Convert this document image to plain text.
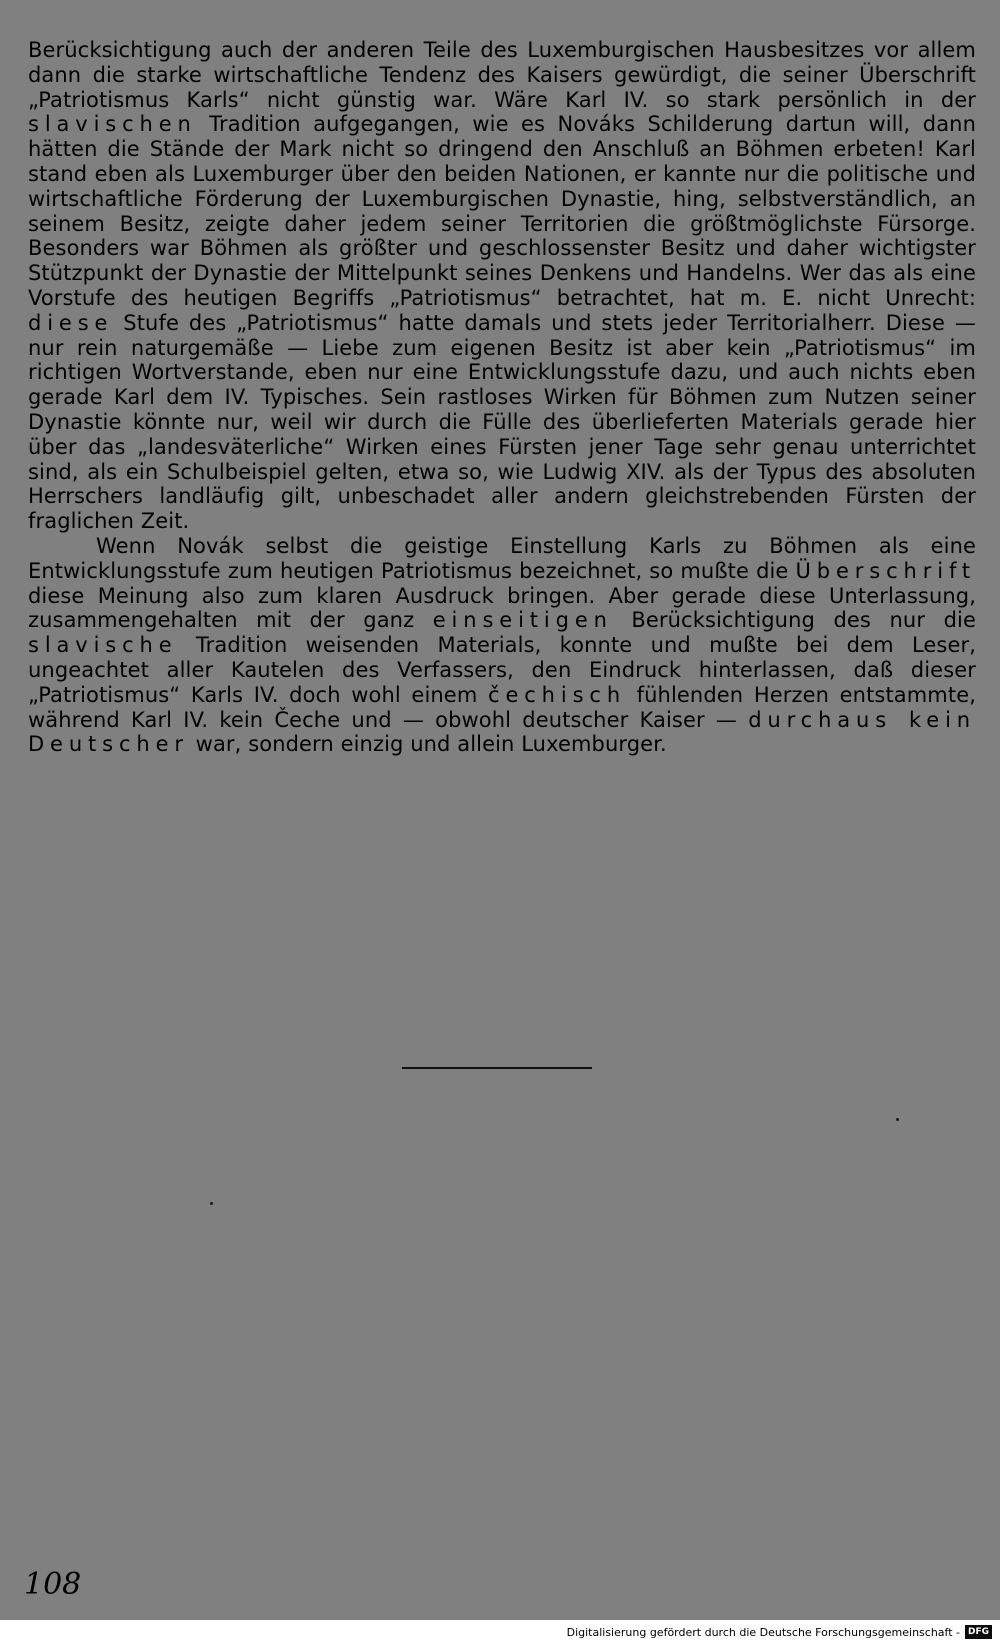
Berücksichtigung auch der anderen Teile des Luxemburgischen Hausbesitzes vor allem dann die starke wirtschaftliche Tendenz des Kaisers gewürdigt, die seiner Überschrift „Patriotismus Karls“ nicht günstig war. Wäre Karl IV. so stark persönlich in der slavischen Tradition aufgegangen, wie es Nováks Schilderung dartun will, dann hätten die Stände der Mark nicht so dringend den Anschluß an Böhmen erbeten! Karl stand eben als Luxemburger über den beiden Nationen, er kannte nur die politische und wirtschaftliche Förderung der Luxemburgischen Dynastie, hing, selbstverständlich, an seinem Besitz, zeigte daher jedem seiner Territorien die größtmöglichste Fürsorge. Besonders war Böhmen als größter und geschlossenster Besitz und daher wichtigster Stützpunkt der Dynastie der Mittelpunkt seines Denkens und Handelns. Wer das als eine Vorstufe des heutigen Begriffs „Patriotismus“ betrachtet, hat m. E. nicht Unrecht: diese Stufe des „Patriotismus“ hatte damals und stets jeder Territorialherr. Diese — nur rein naturgemäße — Liebe zum eigenen Besitz ist aber kein „Patriotismus“ im richtigen Wortverstande, eben nur eine Entwicklungsstufe dazu, und auch nichts eben gerade Karl dem IV. Typisches. Sein rastloses Wirken für Böhmen zum Nutzen seiner Dynastie könnte nur, weil wir durch die Fülle des überlieferten Materials gerade hier über das „landesväterliche“ Wirken eines Fürsten jener Tage sehr genau unterrichtet sind, als ein Schulbeispiel gelten, etwa so, wie Ludwig XIV. als der Typus des absoluten Herrschers landläufig gilt, unbeschadet aller andern gleichstrebenden Fürsten der fraglichen Zeit.

Wenn Novák selbst die geistige Einstellung Karls zu Böhmen als eine Entwicklungsstufe zum heutigen Patriotismus bezeichnet, so mußte die Überschrift diese Meinung also zum klaren Ausdruck bringen. Aber gerade diese Unterlassung, zusammengehalten mit der ganz einseitigen Berücksichtigung des nur die slavische Tradition weisenden Materials, konnte und mußte bei dem Leser, ungeachtet aller Kautelen des Verfassers, den Eindruck hinterlassen, daß dieser „Patriotismus“ Karls IV. doch wohl einem čechisch fühlenden Herzen entstammte, während Karl IV. kein Čeche und — obwohl deutscher Kaiser — durchaus kein Deutscher war, sondern einzig und allein Luxemburger.

108
Digitalisierung gefördert durch die Deutsche Forschungsgemeinschaft - DFG
